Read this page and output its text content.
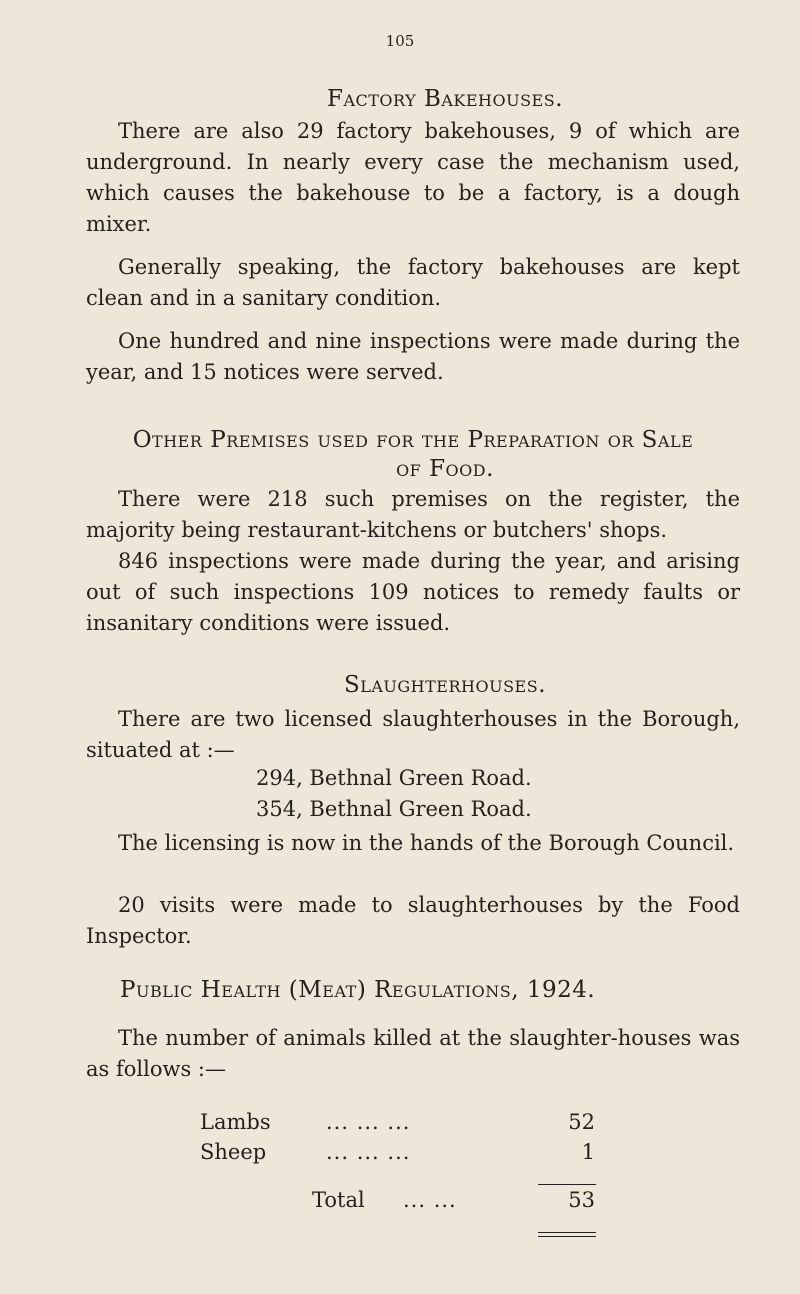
105
Factory Bakehouses.

There are also 29 factory bakehouses, 9 of which are underground. In nearly every case the mechanism used, which causes the bakehouse to be a factory, is a dough mixer.

Generally speaking, the factory bakehouses are kept clean and in a sanitary condition.

One hundred and nine inspections were made during the year, and 15 notices were served.

Other Premises used for the Preparation or Sale
of Food.

There were 218 such premises on the register, the majority being restaurant-kitchens or butchers' shops.

846 inspections were made during the year, and arising out of such inspections 109 notices to remedy faults or insanitary conditions were issued.

Slaughterhouses.

There are two licensed slaughterhouses in the Borough, situated at :—

294, Bethnal Green Road.
354, Bethnal Green Road.

The licensing is now in the hands of the Borough Council.

20 visits were made to slaughterhouses by the Food Inspector.

Public Health (Meat) Regulations, 1924.

The number of animals killed at the slaughter-houses was as follows :—

Lambs	... ... ...	52
Sheep	... ... ...	1
Total ... ...	53
